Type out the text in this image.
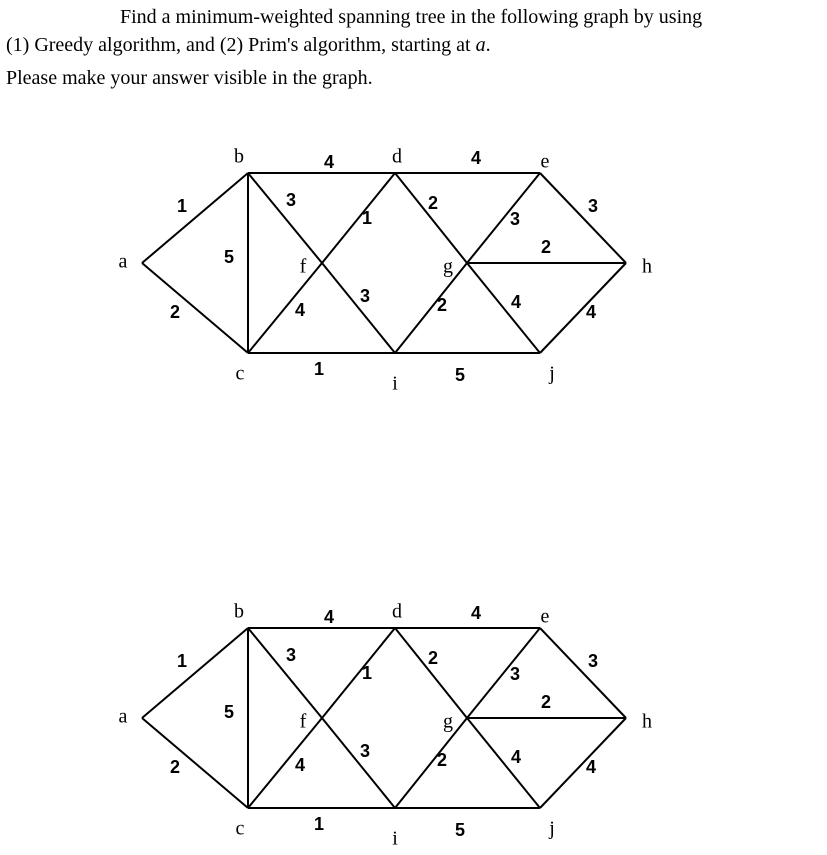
Find a minimum-weighted spanning tree in the following graph by using
(1) Greedy algorithm, and (2) Prim's algorithm, starting at a.
Please make your answer visible in the graph.
1
2
5
4	4
3
3
4
1
1
2
2
5
3
4
2
3
4
a
b
c
d	e
f	g	h
i	j
1
2
5
4	4
3
3
4
1
1
2
2
5
3
4
2
3
4
a
b
c
d	e
f	g	h
i	j
